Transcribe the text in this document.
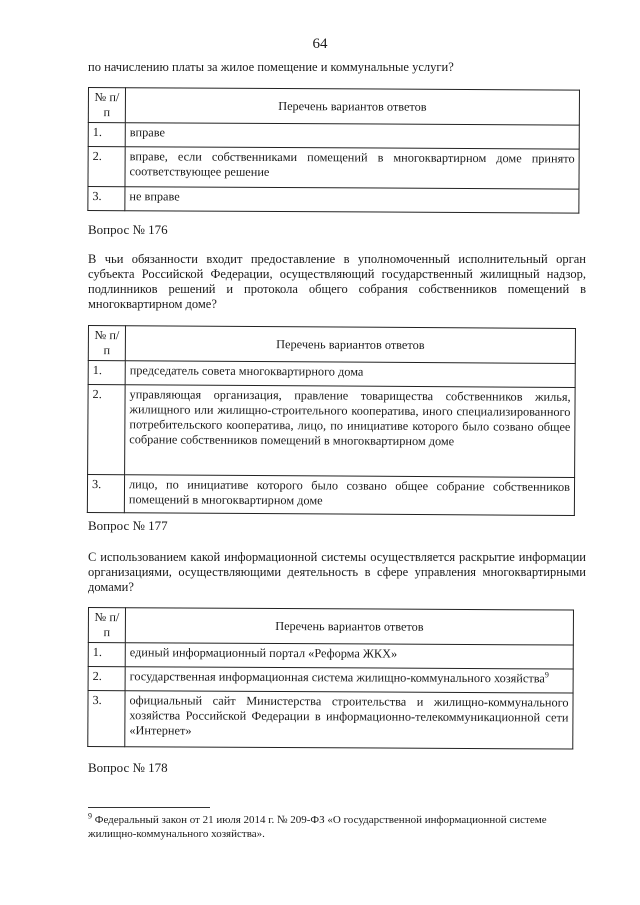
64
по начислению платы за жилое помещение и коммунальные услуги?
№ п/п	Перечень вариантов ответов
1.	вправе
2.	вправе, если собственниками помещений в многоквартирном доме принято соответствующее решение
3.	не вправе
Вопрос № 176
В чьи обязанности входит предоставление в уполномоченный исполнительный орган субъекта Российской Федерации, осуществляющий государственный жилищный надзор, подлинников решений и протокола общего собрания собственников помещений в многоквартирном доме?
№ п/п	Перечень вариантов ответов
1.	председатель совета многоквартирного дома
2.	управляющая организация, правление товарищества собственников жилья, жилищного или жилищно-строительного кооператива, иного специализированного потребительского кооператива, лицо, по инициативе которого было созвано общее собрание собственников помещений в многоквартирном доме
3.	лицо, по инициативе которого было созвано общее собрание собственников помещений в многоквартирном доме
Вопрос № 177
С использованием какой информационной системы осуществляется раскрытие информации организациями, осуществляющими деятельность в сфере управления многоквартирными домами?
№ п/п	Перечень вариантов ответов
1.	единый информационный портал «Реформа ЖКХ»
2.	государственная информационная система жилищно-коммунального хозяйства$^9$
3.	официальный сайт Министерства строительства и жилищно-коммунального хозяйства Российской Федерации в информационно-телекоммуникационной сети «Интернет»
Вопрос № 178
$^9$ Федеральный закон от 21 июля 2014 г. № 209-ФЗ «О государственной информационной системе жилищно-коммунального хозяйства».
